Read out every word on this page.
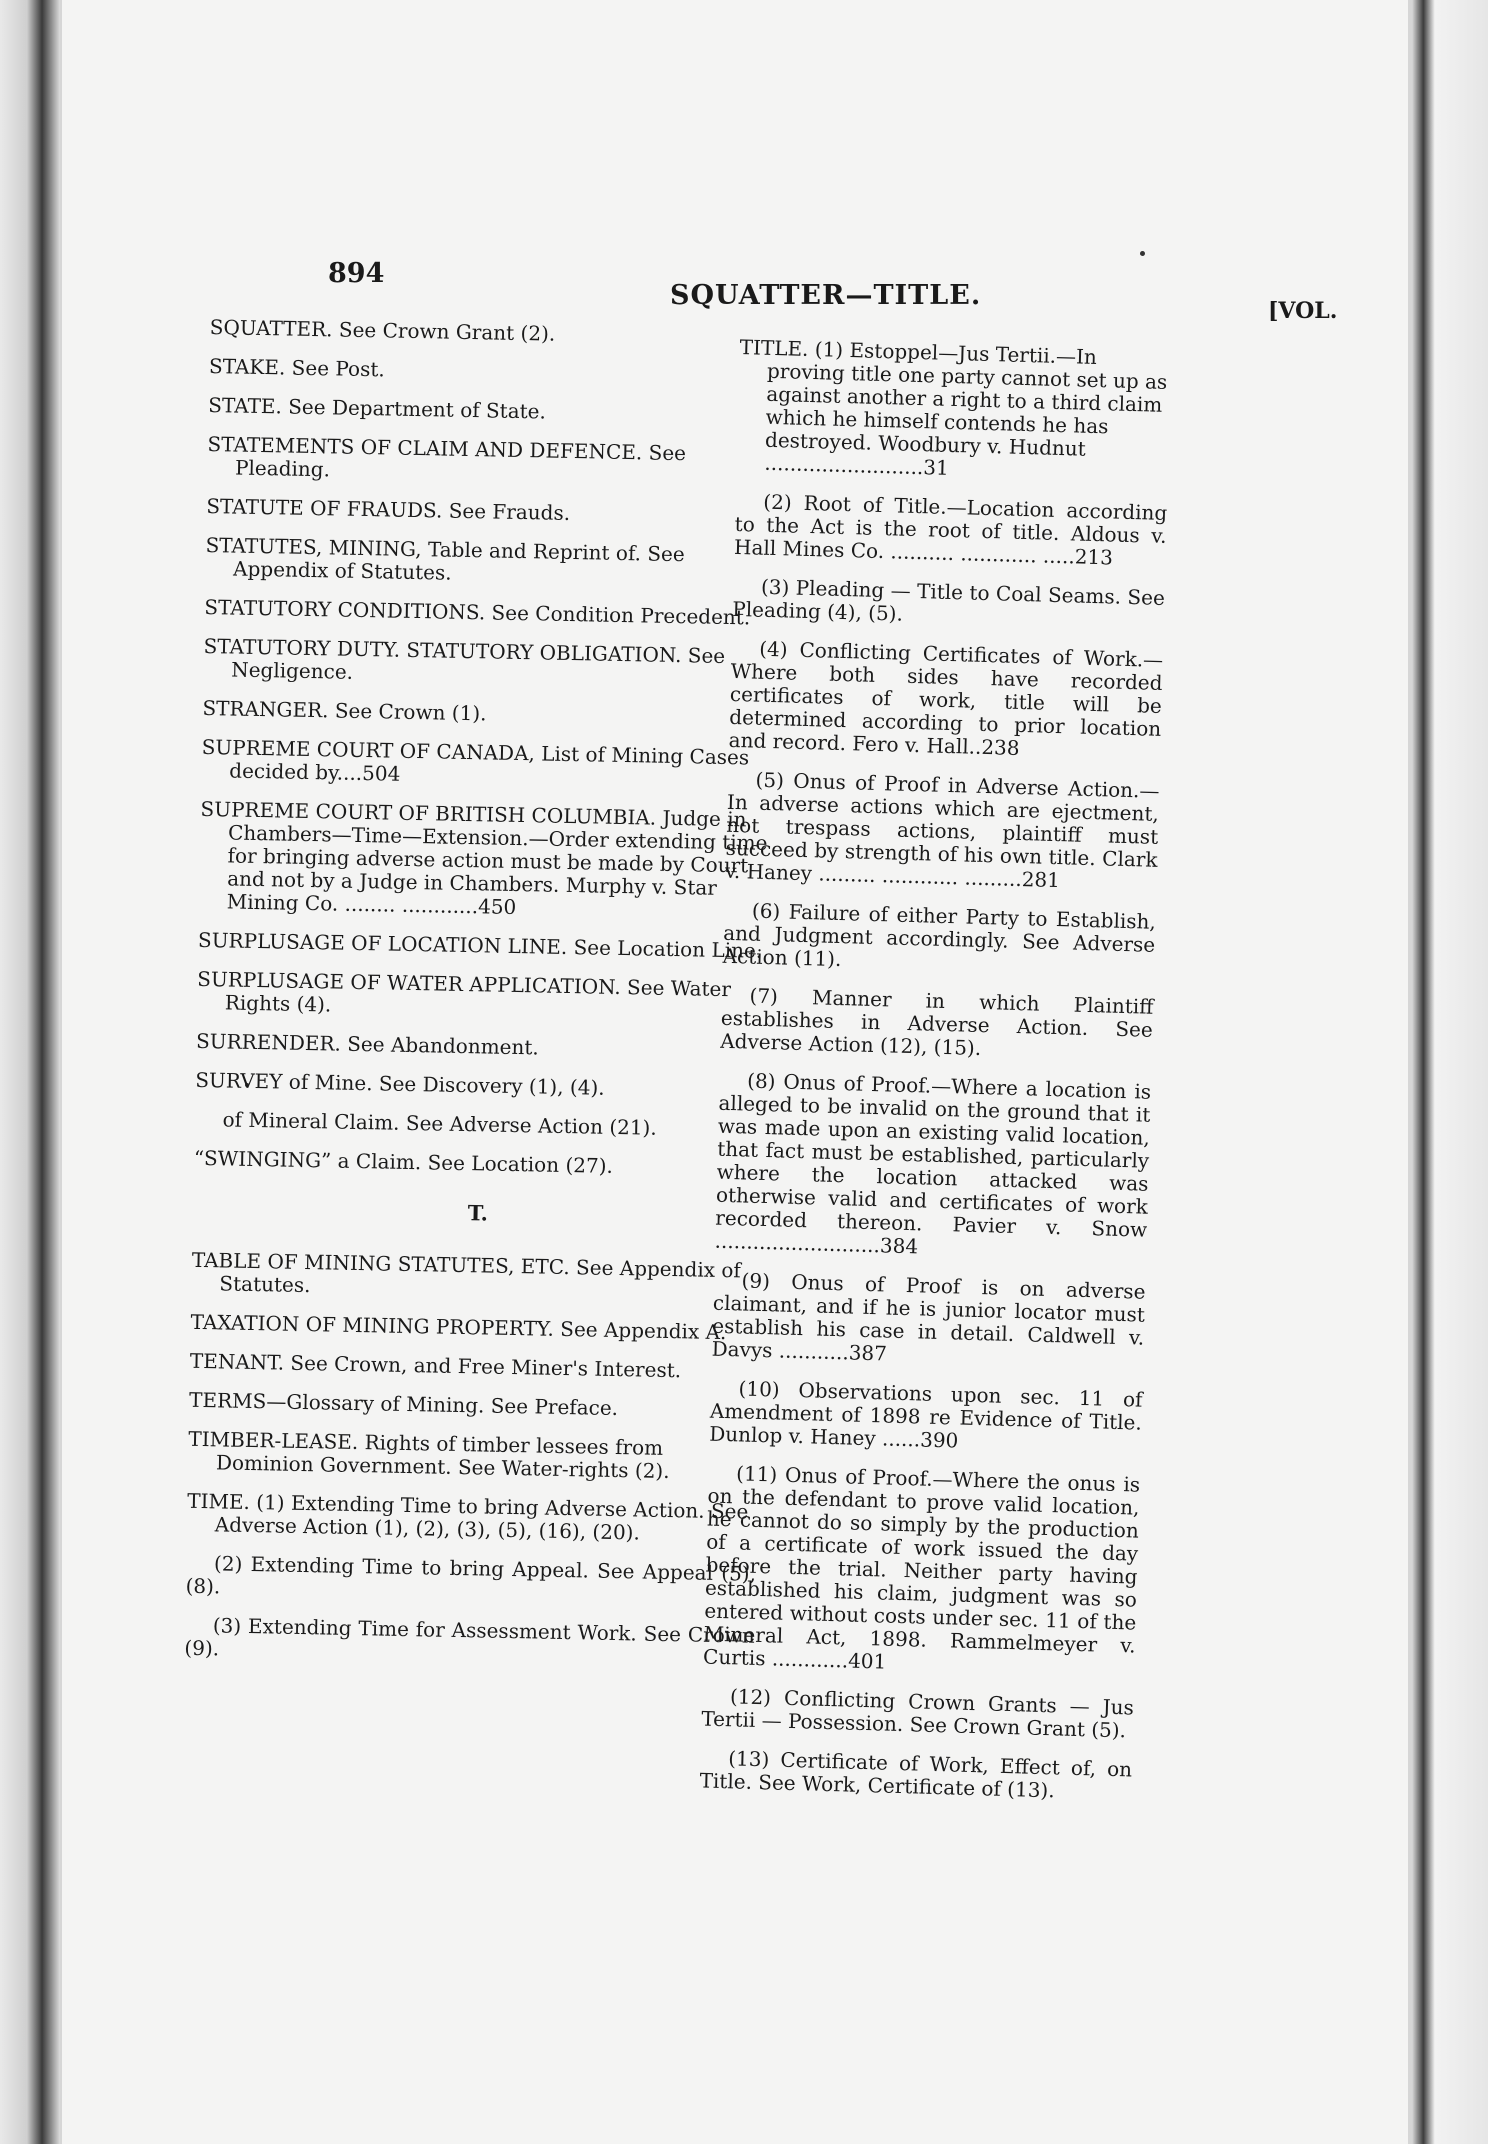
894
SQUATTER—TITLE.	[VOL.
SQUATTER. See Crown Grant (2).
STAKE. See Post.
STATE. See Department of State.
STATEMENTS OF CLAIM AND DEFENCE. See Pleading.
STATUTE OF FRAUDS. See Frauds.
STATUTES, MINING, Table and Reprint of. See Appendix of Statutes.
STATUTORY CONDITIONS. See Condition Precedent.
STATUTORY DUTY. STATUTORY OBLIGATION. See Negligence.
STRANGER. See Crown (1).
SUPREME COURT OF CANADA, List of Mining Cases decided by....504
SUPREME COURT OF BRITISH COLUMBIA. Judge in Chambers—Time—Extension.—Order extending time for bringing adverse action must be made by Court and not by a Judge in Chambers. Murphy v. Star Mining Co. ........ ............450
SURPLUSAGE OF LOCATION LINE. See Location Line.
SURPLUSAGE OF WATER APPLICATION. See Water Rights (4).
SURRENDER. See Abandonment.
SURVEY of Mine. See Discovery (1), (4).
of Mineral Claim. See Adverse Action (21).
“SWINGING” a Claim. See Location (27).
T.
TABLE OF MINING STATUTES, ETC. See Appendix of Statutes.
TAXATION OF MINING PROPERTY. See Appendix A.
TENANT. See Crown, and Free Miner's Interest.
TERMS—Glossary of Mining. See Preface.
TIMBER-LEASE. Rights of timber lessees from Dominion Government. See Water-rights (2).
TIME. (1) Extending Time to bring Adverse Action. See Adverse Action (1), (2), (3), (5), (16), (20).
(2) Extending Time to bring Appeal. See Appeal (5), (8).
(3) Extending Time for Assessment Work. See Crown (9).
TITLE. (1) Estoppel—Jus Tertii.—In proving title one party cannot set up as against another a right to a third claim which he himself contends he has destroyed. Woodbury v. Hudnut .........................31
(2) Root of Title.—Location according to the Act is the root of title. Aldous v. Hall Mines Co. .......... ............ .....213
(3) Pleading — Title to Coal Seams. See Pleading (4), (5).
(4) Conflicting Certificates of Work.—Where both sides have recorded certificates of work, title will be determined according to prior location and record. Fero v. Hall..238
(5) Onus of Proof in Adverse Action.—In adverse actions which are ejectment, not trespass actions, plaintiff must succeed by strength of his own title. Clark v. Haney ......... ............ .........281
(6) Failure of either Party to Establish, and Judgment accordingly. See Adverse Action (11).
(7) Manner in which Plaintiff establishes in Adverse Action. See Adverse Action (12), (15).
(8) Onus of Proof.—Where a location is alleged to be invalid on the ground that it was made upon an existing valid location, that fact must be established, particularly where the location attacked was otherwise valid and certificates of work recorded thereon. Pavier v. Snow ..........................384
(9) Onus of Proof is on adverse claimant, and if he is junior locator must establish his case in detail. Caldwell v. Davys ...........387
(10) Observations upon sec. 11 of Amendment of 1898 re Evidence of Title. Dunlop v. Haney ......390
(11) Onus of Proof.—Where the onus is on the defendant to prove valid location, he cannot do so simply by the production of a certificate of work issued the day before the trial. Neither party having established his claim, judgment was so entered without costs under sec. 11 of the Mineral Act, 1898. Rammelmeyer v. Curtis ............401
(12) Conflicting Crown Grants — Jus Tertii — Possession. See Crown Grant (5).
(13) Certificate of Work, Effect of, on Title. See Work, Certificate of (13).
